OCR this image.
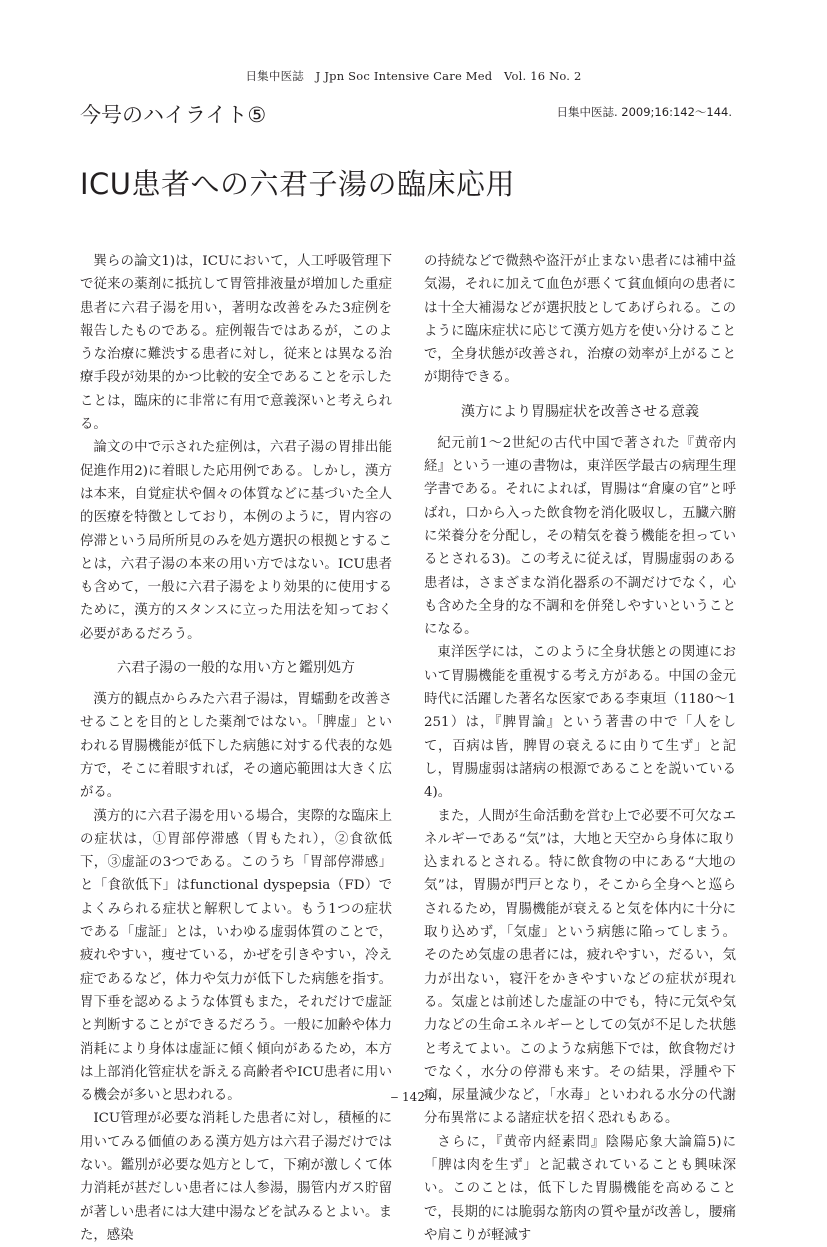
日集中医誌　J Jpn Soc Intensive Care Med　Vol. 16 No. 2
今号のハイライト⑤	日集中医誌. 2009;16:142〜144.
ICU患者への六君子湯の臨床応用

巽らの論文1)は，ICUにおいて，人工呼吸管理下で従来の薬剤に抵抗して胃管排液量が増加した重症患者に六君子湯を用い，著明な改善をみた3症例を報告したものである。症例報告ではあるが，このような治療に難渋する患者に対し，従来とは異なる治療手段が効果的かつ比較的安全であることを示したことは，臨床的に非常に有用で意義深いと考えられる。

論文の中で示された症例は，六君子湯の胃排出能促進作用2)に着眼した応用例である。しかし，漢方は本来，自覚症状や個々の体質などに基づいた全人的医療を特徴としており，本例のように，胃内容の停滞という局所所見のみを処方選択の根拠とすることは，六君子湯の本来の用い方ではない。ICU患者も含めて，一般に六君子湯をより効果的に使用するために，漢方的スタンスに立った用法を知っておく必要があるだろう。

六君子湯の一般的な用い方と鑑別処方

漢方的観点からみた六君子湯は，胃蠕動を改善させることを目的とした薬剤ではない。「脾虚」といわれる胃腸機能が低下した病態に対する代表的な処方で，そこに着眼すれば，その適応範囲は大きく広がる。

漢方的に六君子湯を用いる場合，実際的な臨床上の症状は，①胃部停滞感（胃もたれ），②食欲低下，③虚証の3つである。このうち「胃部停滞感」と「食欲低下」はfunctional dyspepsia（FD）でよくみられる症状と解釈してよい。もう1つの症状である「虚証」とは，いわゆる虚弱体質のことで，疲れやすい，痩せている，かぜを引きやすい，冷え症であるなど，体力や気力が低下した病態を指す。胃下垂を認めるような体質もまた，それだけで虚証と判断することができるだろう。一般に加齢や体力消耗により身体は虚証に傾く傾向があるため，本方は上部消化管症状を訴える高齢者やICU患者に用いる機会が多いと思われる。

ICU管理が必要な消耗した患者に対し，積極的に用いてみる価値のある漢方処方は六君子湯だけではない。鑑別が必要な処方として，下痢が激しくて体力消耗が甚だしい患者には人参湯，腸管内ガス貯留が著しい患者には大建中湯などを試みるとよい。また，感染

の持続などで微熱や盗汗が止まない患者には補中益気湯，それに加えて血色が悪くて貧血傾向の患者には十全大補湯などが選択肢としてあげられる。このように臨床症状に応じて漢方処方を使い分けることで，全身状態が改善され，治療の効率が上がることが期待できる。

漢方により胃腸症状を改善させる意義

紀元前1〜2世紀の古代中国で著された『黄帝内経』という一連の書物は，東洋医学最古の病理生理学書である。それによれば，胃腸は“倉廩の官”と呼ばれ，口から入った飲食物を消化吸収し，五臓六腑に栄養分を分配し，その精気を養う機能を担っているとされる3)。この考えに従えば，胃腸虚弱のある患者は，さまざまな消化器系の不調だけでなく，心も含めた全身的な不調和を併発しやすいということになる。

東洋医学には，このように全身状態との関連において胃腸機能を重視する考え方がある。中国の金元時代に活躍した著名な医家である李東垣（1180〜1251）は，『脾胃論』という著書の中で「人をして，百病は皆，脾胃の衰えるに由りて生ず」と記し，胃腸虚弱は諸病の根源であることを説いている4)。

また，人間が生命活動を営む上で必要不可欠なエネルギーである“気”は，大地と天空から身体に取り込まれるとされる。特に飲食物の中にある“大地の気”は，胃腸が門戸となり，そこから全身へと巡らされるため，胃腸機能が衰えると気を体内に十分に取り込めず，「気虚」という病態に陥ってしまう。そのため気虚の患者には，疲れやすい，だるい，気力が出ない，寝汗をかきやすいなどの症状が現れる。気虚とは前述した虚証の中でも，特に元気や気力などの生命エネルギーとしての気が不足した状態と考えてよい。このような病態下では，飲食物だけでなく，水分の停滞も来す。その結果，浮腫や下痢，尿量減少など，「水毒」といわれる水分の代謝分布異常による諸症状を招く恐れもある。

さらに，『黄帝内経素問』陰陽応象大論篇5)に「脾は肉を生ず」と記載されていることも興味深い。このことは，低下した胃腸機能を高めることで，長期的には脆弱な筋肉の質や量が改善し，腰痛や肩こりが軽減す

‒ 142 ‒
